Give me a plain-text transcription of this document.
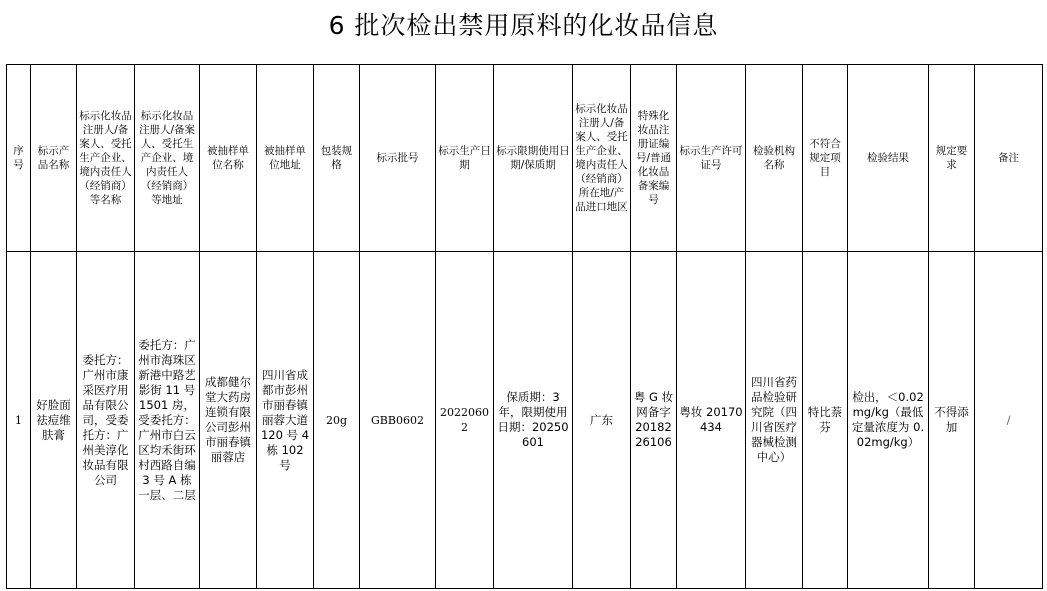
6 批次检出禁用原料的化妆品信息
序号	标示产品名称	标示化妆品注册人/备案人、受托生产企业、境内责任人（经销商）等名称	标示化妆品注册人/备案人、受托生产企业、境内责任人（经销商）等地址	被抽样单位名称	被抽样单位地址	包装规格	标示批号	标示生产日期	标示限期使用日期/保质期	标示化妆品注册人/备案人、受托生产企业、境内责任人（经销商）所在地/产品进口地区	特殊化妆品注册证编号/普通化妆品备案编号	标示生产许可证号	检验机构名称	不符合规定项目	检验结果	规定要求	备注
1	好脸面祛痘维肤膏	委托方：广州市康采医疗用品有限公司，受委托方：广州美淳化妆品有限公司	委托方：广州市海珠区新港中路艺影街 11 号 1501 房，受委托方：广州市白云区均禾街环村西路自编 3 号 A 栋一层、二层	成都健尔堂大药房连锁有限公司彭州市丽春镇丽蓉店	四川省成都市彭州市丽春镇丽蓉大道 120 号 4 栋 102 号	20g	GBB0602	20220602	保质期：3 年，限期使用日期：20250601	广东	粤 G 妆网备字 2018226106	粤妆 20170434	四川省药品检验研究院（四川省医疗器械检测中心）	特比萘芬	检出，＜0.02mg/kg（最低定量浓度为 0.02mg/kg）	不得添加	/
